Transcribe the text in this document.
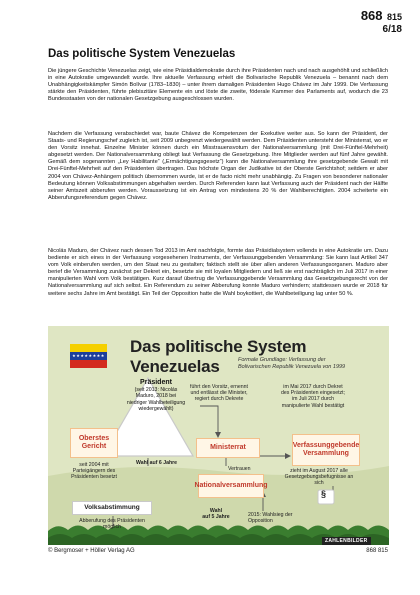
868 815
6/18
Das politische System Venezuelas

Die jüngere Geschichte Venezuelas zeigt, wie eine Präsidialdemokratie durch ihre Präsidenten nach und nach ausgehöhlt und schließlich in eine Autokratie umgewandelt wurde. Ihre aktuelle Verfassung erhielt die Bolivarische Republik Venezuela – benannt nach dem Unabhängigkeitskämpfer Simón Bolívar (1783–1830) – unter ihrem damaligen Präsidenten Hugo Chávez im Jahr 1999. Die Verfassung stärkte den Präsidenten, führte plebiszitäre Elemente ein und löste die zweite, föderale Kammer des Parlaments auf, wodurch die 23 Bundesstaaten von der nationalen Gesetzgebung ausgeschlossen wurden.

Nachdem die Verfassung verabschiedet war, baute Chávez die Kompetenzen der Exekutive weiter aus. So kann der Präsident, der Staats- und Regierungschef zugleich ist, seit 2009 unbegrenzt wiedergewählt werden. Dem Präsidenten untersteht der Ministerrat, wo er den Vorsitz innehat. Einzelne Minister können durch ein Misstrauensvotum der Nationalversammlung (mit Drei-Fünftel-Mehrheit) abgesetzt werden. Der Nationalversammlung obliegt laut Verfassung die Gesetzgebung. Ihre Mitglieder werden auf fünf Jahre gewählt. Gemäß dem sogenannten „Ley Habilitante“ („Ermächtigungsgesetz“) kann die Nationalversammlung ihre gesetzgebende Gewalt mit Drei-Fünftel-Mehrheit auf den Präsidenten übertragen. Das höchste Organ der Judikative ist der Oberste Gerichtshof; seitdem er aber 2004 von Chávez-Anhängern politisch übernommen wurde, ist er de facto nicht mehr unabhängig. Zu Fragen von besonderer nationaler Bedeutung können Volksabstimmungen abgehalten werden. Durch Referenden kann laut Verfassung auch der Präsident nach der Hälfte seiner Amtszeit abberufen werden. Voraussetzung ist ein Antrag von mindestens 20 % der Wahlberechtigten. 2004 scheiterte ein Abberufungsreferendum gegen Chávez.

Nicolás Maduro, der Chávez nach dessen Tod 2013 im Amt nachfolgte, formte das Präsidialsystem vollends in eine Autokratie um. Dazu bediente er sich eines in der Verfassung vorgesehenen Instruments, der Verfassunggebenden Versammlung: Sie kann laut Artikel 347 vom Volk einberufen werden, um den Staat neu zu gestalten; faktisch stellt sie über allen anderen Verfassungsorganen. Maduro aber berief die Versammlung zunächst per Dekret ein, besetzte sie mit loyalen Mitgliedern und ließ sie erst nachträglich im Juli 2017 in einer manipulierten Wahl vom Volk bestätigen. Kurz darauf übertrug die Verfassunggebende Versammlung das Gesetzgebungsrecht von der Nationalversammlung auf sich selbst. Ein Referendum zu seiner Abberufung konnte Maduro verhindern; stattdessen wurde er 2018 für weitere sechs Jahre im Amt bestätigt. Ein Teil der Opposition hatte die Wahl boykottiert, die Wahlbeteiligung lag unter 50 %.

★★★★★★★★ Das politische System Venezuelas	Formale Grundlage: Verfassung der Bolivarischen Republik Venezuela von 1999
Präsident
(seit 2013: Nicolás Maduro, 2018 bei niedriger Wahlbeteiligung wiedergewählt)
führt den Vorsitz, ernennt und entlässt die Minister, regiert durch Dekrete
Wahl auf 6 Jahre
Oberstes Gericht
seit 2004 mit Parteigängern des Präsidenten besetzt
Ministerrat
Vertrauen
im Mai 2017 durch Dekret des Präsidenten eingesetzt; im Juli 2017 durch manipulierte Wahl bestätigt
Verfassunggebende Versammlung
zieht im August 2017 alle Gesetzgebungsbefugnisse an sich
Nationalversammlung
§
Volksabstimmung
Abberufung des Präsidenten möglich
Wahl
auf 5 Jahre	2015: Wahlsieg der Opposition
ZAHLENBILDER
© Bergmoser + Höller Verlag AG	868 815
